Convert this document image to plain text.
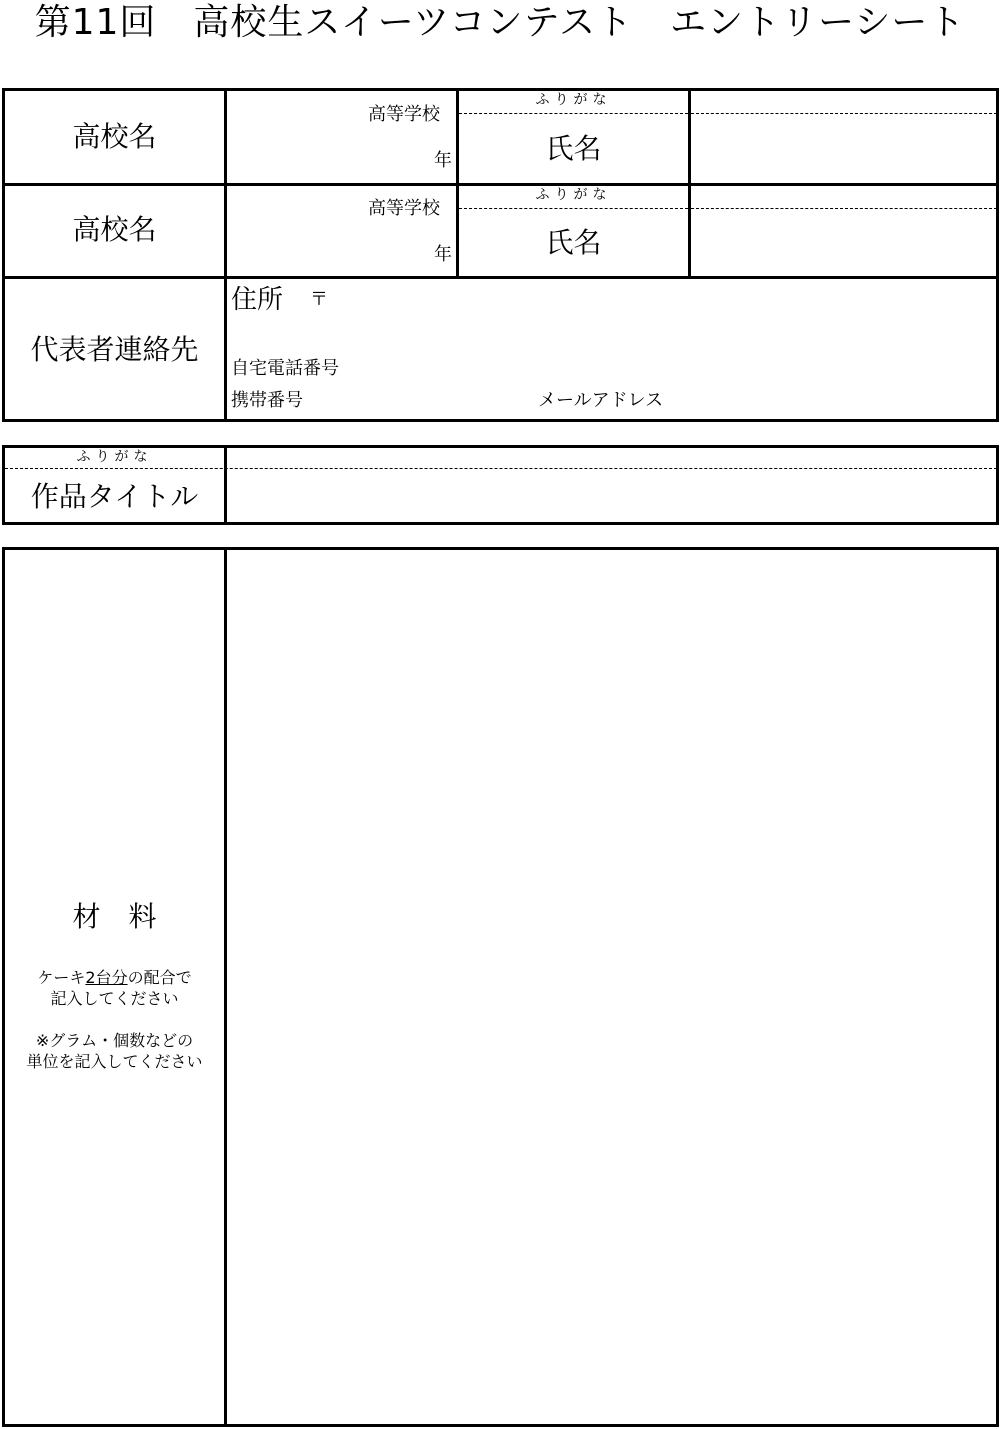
第11回　高校生スイーツコンテスト　エントリーシート
高校名
高等学校
年
ふりがな
氏名
高校名
高等学校
年
ふりがな
氏名
代表者連絡先
住所 〒
自宅電話番号
携帯番号	メールアドレス
ふりがな
作品タイトル
材　料
ケーキ2台分の配合で
記入してください
※グラム・個数などの
単位を記入してください
